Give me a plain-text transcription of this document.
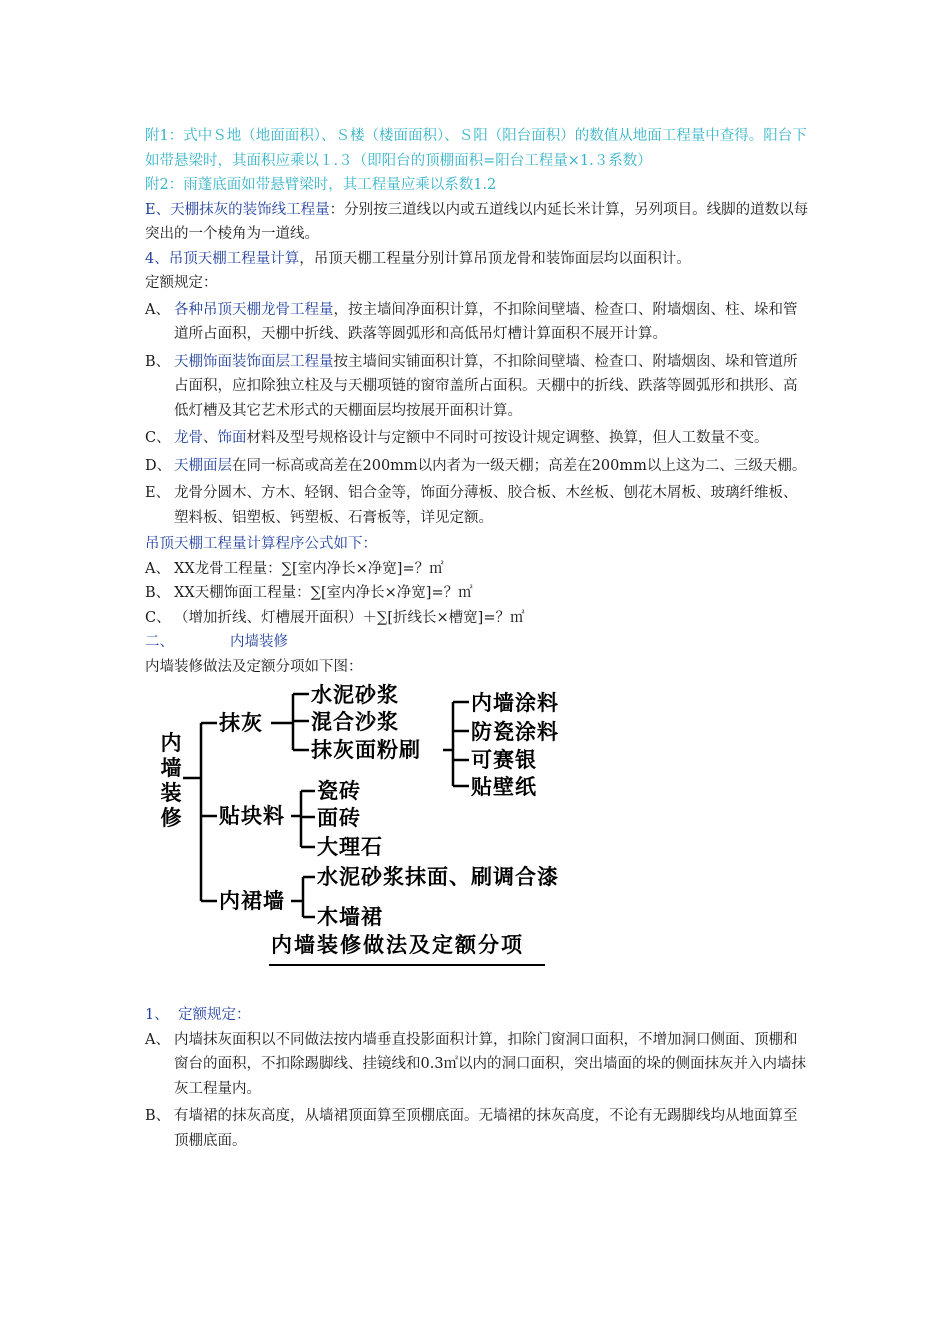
附1：式中Ｓ地（地面面积）、Ｓ楼（楼面面积）、Ｓ阳（阳台面积）的数值从地面工程量中查得。阳台下如带悬梁时，其面积应乘以１.３（即阳台的顶棚面积=阳台工程量×1.３系数）

附2：雨蓬底面如带悬臂梁时，其工程量应乘以系数1.2

E、天棚抹灰的装饰线工程量：分别按三道线以内或五道线以内延长米计算，另列项目。线脚的道数以每突出的一个棱角为一道线。

4、吊顶天棚工程量计算，吊顶天棚工程量分别计算吊顶龙骨和装饰面层均以面积计。

定额规定：

A、 各种吊顶天棚龙骨工程量，按主墙间净面积计算，不扣除间壁墙、检查口、附墙烟囱、柱、垛和管道所占面积，天棚中折线、跌落等圆弧形和高低吊灯槽计算面积不展开计算。
B、 天棚饰面装饰面层工程量按主墙间实铺面积计算，不扣除间壁墙、检查口、附墙烟囱、垛和管道所占面积，应扣除独立柱及与天棚项链的窗帘盖所占面积。天棚中的折线、跌落等圆弧形和拱形、高低灯槽及其它艺术形式的天棚面层均按展开面积计算。
C、 龙骨、饰面材料及型号规格设计与定额中不同时可按设计规定调整、换算，但人工数量不变。
D、 天棚面层在同一标高或高差在200mm以内者为一级天棚；高差在200mm以上这为二、三级天棚。
E、 龙骨分圆木、方木、轻钢、铝合金等，饰面分薄板、胶合板、木丝板、刨花木屑板、玻璃纤维板、塑料板、铝塑板、钙塑板、石膏板等，详见定额。

吊顶天棚工程量计算程序公式如下：

A、 XX龙骨工程量：∑[室内净长×净宽]=？㎡
B、 XX天棚饰面工程量：∑[室内净长×净宽]=？㎡
C、 （增加折线、灯槽展开面积）＋∑[折线长×槽宽]=？㎡

二、	内墙装修

内墙装修做法及定额分项如下图：

内墙装修
抹灰
水泥砂浆
混合沙浆
抹灰面粉刷
内墙涂料
防瓷涂料
可赛银
贴壁纸
贴块料
瓷砖
面砖
大理石
内裙墙
水泥砂浆抹面、刷调合漆
木墙裙
内墙装修做法及定额分项

1、 定额规定：

A、 内墙抹灰面积以不同做法按内墙垂直投影面积计算，扣除门窗洞口面积，不增加洞口侧面、顶棚和窗台的面积，不扣除踢脚线、挂镜线和0.3㎡以内的洞口面积，突出墙面的垛的侧面抹灰并入内墙抹灰工程量内。
B、 有墙裙的抹灰高度，从墙裙顶面算至顶棚底面。无墙裙的抹灰高度，不论有无踢脚线均从地面算至顶棚底面。
